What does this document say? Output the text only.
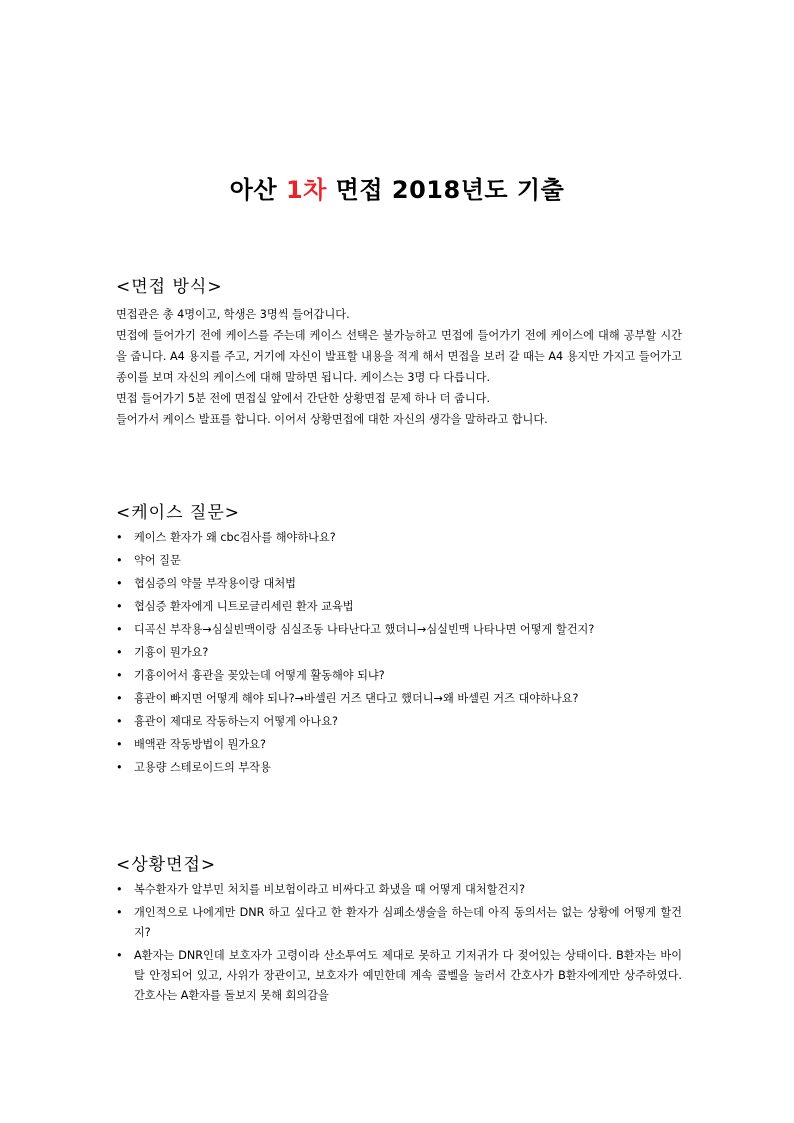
아산 1차 면접 2018년도 기출
<면접 방식>

면접관은 총 4명이고, 학생은 3명씩 들어갑니다.

면접에 들어가기 전에 케이스를 주는데 케이스 선택은 불가능하고 면접에 들어가기 전에 케이스에 대해 공부할 시간을 줍니다. A4 용지를 주고, 거기에 자신이 발표할 내용을 적게 해서 면접을 보러 갈 때는 A4 용지만 가지고 들어가고 종이를 보며 자신의 케이스에 대해 말하면 됩니다. 케이스는 3명 다 다릅니다.

면접 들어가기 5분 전에 면접실 앞에서 간단한 상황면접 문제 하나 더 줍니다.

들어가서 케이스 발표를 합니다. 이어서 상황면접에 대한 자신의 생각을 말하라고 합니다.

<케이스 질문>
• 케이스 환자가 왜 cbc검사를 해야하나요?
• 약어 질문
• 협심증의 약물 부작용이랑 대처법
• 협심증 환자에게 니트로글리세린 환자 교육법
• 디곡신 부작용→심실빈맥이랑 심실조동 나타난다고 했더니→심실빈맥 나타나면 어떻게 할건지?
• 기흉이 뭔가요?
• 기흉이어서 흉관을 꽂았는데 어떻게 활동해야 되냐?
• 흉관이 빠지면 어떻게 해야 되나?→바셀린 거즈 댄다고 했더니→왜 바셀린 거즈 대야하나요?
• 흉관이 제대로 작동하는지 어떻게 아나요?
• 배액관 작동방법이 뭔가요?
• 고용량 스테로이드의 부작용
<상황면접>
• 복수환자가 알부민 처치를 비보험이라고 비싸다고 화냈을 때 어떻게 대처할건지?
• 개인적으로 나에게만 DNR 하고 싶다고 한 환자가 심폐소생술을 하는데 아직 동의서는 없는 상황에 어떻게 할건지?
• A환자는 DNR인데 보호자가 고령이라 산소투여도 제대로 못하고 기저귀가 다 젖어있는 상태이다. B환자는 바이탈 안정되어 있고, 사위가 장관이고, 보호자가 예민한데 계속 콜벨을 눌러서 간호사가 B환자에게만 상주하였다. 간호사는 A환자를 돌보지 못해 회의감을
